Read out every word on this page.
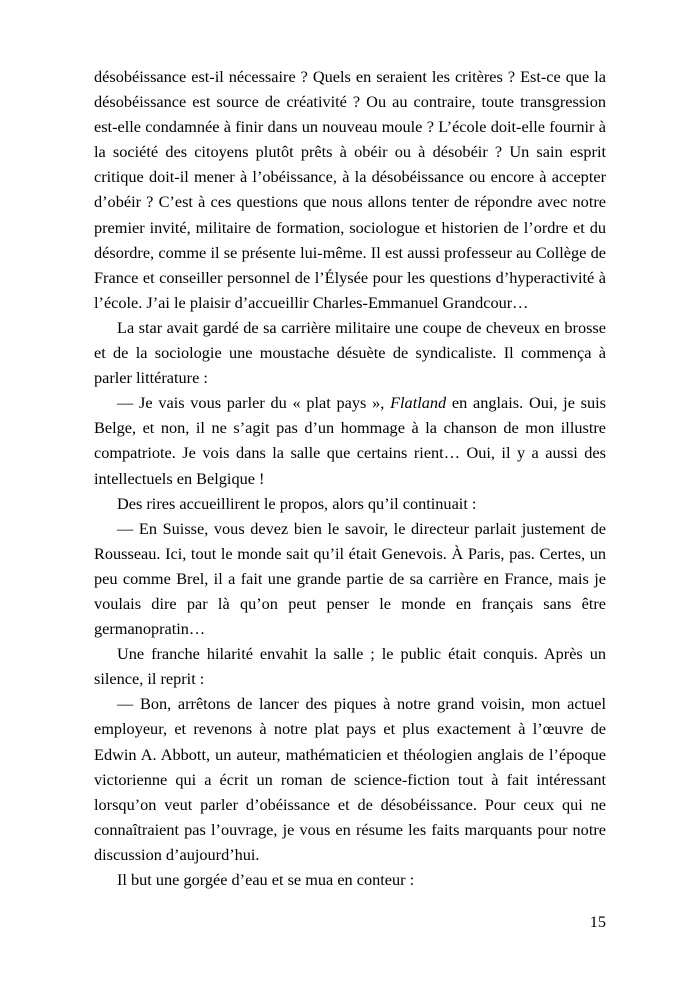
désobéissance est-il nécessaire ? Quels en seraient les critères ? Est-ce que la désobéissance est source de créativité ? Ou au contraire, toute transgression est-elle condamnée à finir dans un nouveau moule ? L’école doit-elle fournir à la société des citoyens plutôt prêts à obéir ou à désobéir ? Un sain esprit critique doit-il mener à l’obéissance, à la désobéissance ou encore à accepter d’obéir ? C’est à ces questions que nous allons tenter de répondre avec notre premier invité, militaire de formation, sociologue et historien de l’ordre et du désordre, comme il se présente lui-même. Il est aussi professeur au Collège de France et conseiller personnel de l’Élysée pour les questions d’hyperactivité à l’école. J’ai le plaisir d’accueillir Charles-Emmanuel Grandcour…

La star avait gardé de sa carrière militaire une coupe de cheveux en brosse et de la sociologie une moustache désuète de syndicaliste. Il commença à parler littérature :

— Je vais vous parler du « plat pays », Flatland en anglais. Oui, je suis Belge, et non, il ne s’agit pas d’un hommage à la chanson de mon illustre compatriote. Je vois dans la salle que certains rient… Oui, il y a aussi des intellectuels en Belgique !

Des rires accueillirent le propos, alors qu’il continuait :

— En Suisse, vous devez bien le savoir, le directeur parlait justement de Rousseau. Ici, tout le monde sait qu’il était Genevois. À Paris, pas. Certes, un peu comme Brel, il a fait une grande partie de sa carrière en France, mais je voulais dire par là qu’on peut penser le monde en français sans être germanopratin…

Une franche hilarité envahit la salle ; le public était conquis. Après un silence, il reprit :

— Bon, arrêtons de lancer des piques à notre grand voisin, mon actuel employeur, et revenons à notre plat pays et plus exactement à l’œuvre de Edwin A. Abbott, un auteur, mathématicien et théologien anglais de l’époque victorienne qui a écrit un roman de science-fiction tout à fait intéressant lorsqu’on veut parler d’obéissance et de désobéissance. Pour ceux qui ne connaîtraient pas l’ouvrage, je vous en résume les faits marquants pour notre discussion d’aujourd’hui.

Il but une gorgée d’eau et se mua en conteur :

15
